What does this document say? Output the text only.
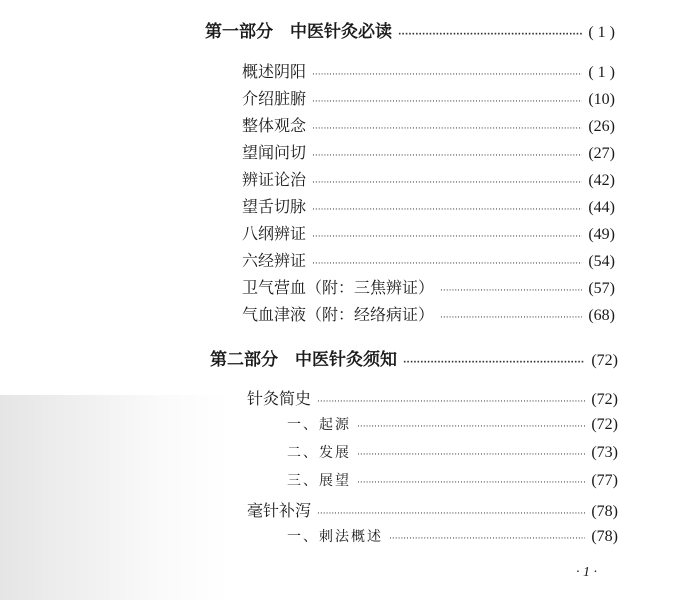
第一部分　中医针灸必读 ·····	( 1 )
概述阴阳 ·····	( 1 )
介绍脏腑 ·····	(10)
整体观念 ·····	(26)
望闻问切 ·····	(27)
辨证论治 ·····	(42)
望舌切脉 ·····	(44)
八纲辨证 ·····	(49)
六经辨证 ·····	(54)
卫气营血（附：三焦辨证） ·····	(57)
气血津液（附：经络病证） ·····	(68)
第二部分　中医针灸须知 ·····	(72)
针灸简史 ·····	(72)
一、起源 ·····	(72)
二、发展 ·····	(73)
三、展望 ·····	(77)
毫针补泻 ·····	(78)
一、刺法概述 ·····	(78)
· 1 ·
